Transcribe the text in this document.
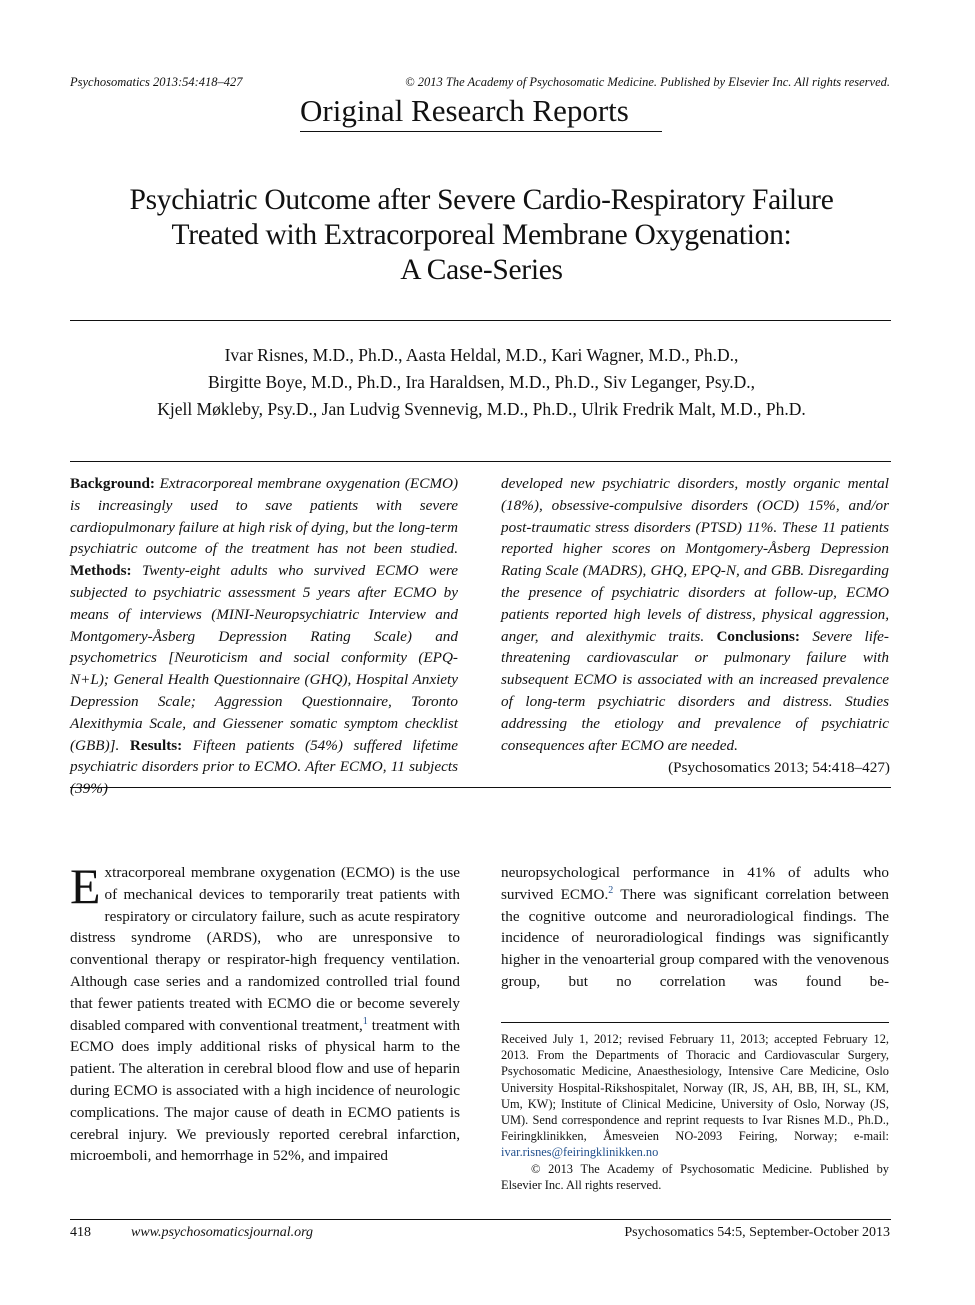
Psychosomatics 2013:54:418–427	© 2013 The Academy of Psychosomatic Medicine. Published by Elsevier Inc. All rights reserved.
Original Research Reports
Psychiatric Outcome after Severe Cardio-Respiratory Failure
Treated with Extracorporeal Membrane Oxygenation:
A Case-Series
Ivar Risnes, M.D., Ph.D., Aasta Heldal, M.D., Kari Wagner, M.D., Ph.D.,
Birgitte Boye, M.D., Ph.D., Ira Haraldsen, M.D., Ph.D., Siv Leganger, Psy.D.,
Kjell Møkleby, Psy.D., Jan Ludvig Svennevig, M.D., Ph.D., Ulrik Fredrik Malt, M.D., Ph.D.
Background: Extracorporeal membrane oxygenation (ECMO) is increasingly used to save patients with severe cardiopulmonary failure at high risk of dying, but the long-term psychiatric outcome of the treatment has not been studied. Methods: Twenty-eight adults who survived ECMO were subjected to psychiatric assessment 5 years after ECMO by means of interviews (MINI-Neuropsychiatric Interview and Montgomery-Åsberg Depression Rating Scale) and psychometrics [Neuroticism and social conformity (EPQ-N+L); General Health Questionnaire (GHQ), Hospital Anxiety Depression Scale; Aggression Questionnaire, Toronto Alexithymia Scale, and Giessener somatic symptom checklist (GBB)]. Results: Fifteen patients (54%) suffered lifetime psychiatric disorders prior to ECMO. After ECMO, 11 subjects (39%)
developed new psychiatric disorders, mostly organic mental (18%), obsessive-compulsive disorders (OCD) 15%, and/or post-traumatic stress disorders (PTSD) 11%. These 11 patients reported higher scores on Montgomery-Åsberg Depression Rating Scale (MADRS), GHQ, EPQ-N, and GBB. Disregarding the presence of psychiatric disorders at follow-up, ECMO patients reported high levels of distress, physical aggression, anger, and alexithymic traits. Conclusions: Severe life-threatening cardiovascular or pulmonary failure with subsequent ECMO is associated with an increased prevalence of long-term psychiatric disorders and distress. Studies addressing the etiology and prevalence of psychiatric consequences after ECMO are needed.
(Psychosomatics 2013; 54:418–427)
E xtracorporeal membrane oxygenation (ECMO) is the use of mechanical devices to temporarily treat patients with respiratory or circulatory failure, such as acute respiratory distress syndrome (ARDS), who are unresponsive to conventional therapy or respirator-high frequency ventilation. Although case series and a randomized controlled trial found that fewer patients treated with ECMO die or become severely disabled compared with conventional treatment,$^1$ treatment with ECMO does imply additional risks of physical harm to the patient. The alteration in cerebral blood flow and use of heparin during ECMO is associated with a high incidence of neurologic complications. The major cause of death in ECMO patients is cerebral injury. We previously reported cerebral infarction, microemboli, and hemorrhage in 52%, and impaired
neuropsychological performance in 41% of adults who survived ECMO.$^2$ There was significant correlation between the cognitive outcome and neuroradiological findings. The incidence of neuroradiological findings was significantly higher in the venoarterial group compared with the venovenous group, but no correlation was found be-
Received July 1, 2012; revised February 11, 2013; accepted February 12, 2013. From the Departments of Thoracic and Cardiovascular Surgery, Psychosomatic Medicine, Anaesthesiology, Intensive Care Medicine, Oslo University Hospital-Rikshospitalet, Norway (IR, JS, AH, BB, IH, SL, KM, Um, KW); Institute of Clinical Medicine, University of Oslo, Norway (JS, UM). Send correspondence and reprint requests to Ivar Risnes M.D., Ph.D., Feiringklinikken, Åmesveien NO-2093 Feiring, Norway; e-mail: ivar.risnes@feiringklinikken.no
© 2013 The Academy of Psychosomatic Medicine. Published by Elsevier Inc. All rights reserved.
418	www.psychosomaticsjournal.org	Psychosomatics 54:5, September-October 2013
